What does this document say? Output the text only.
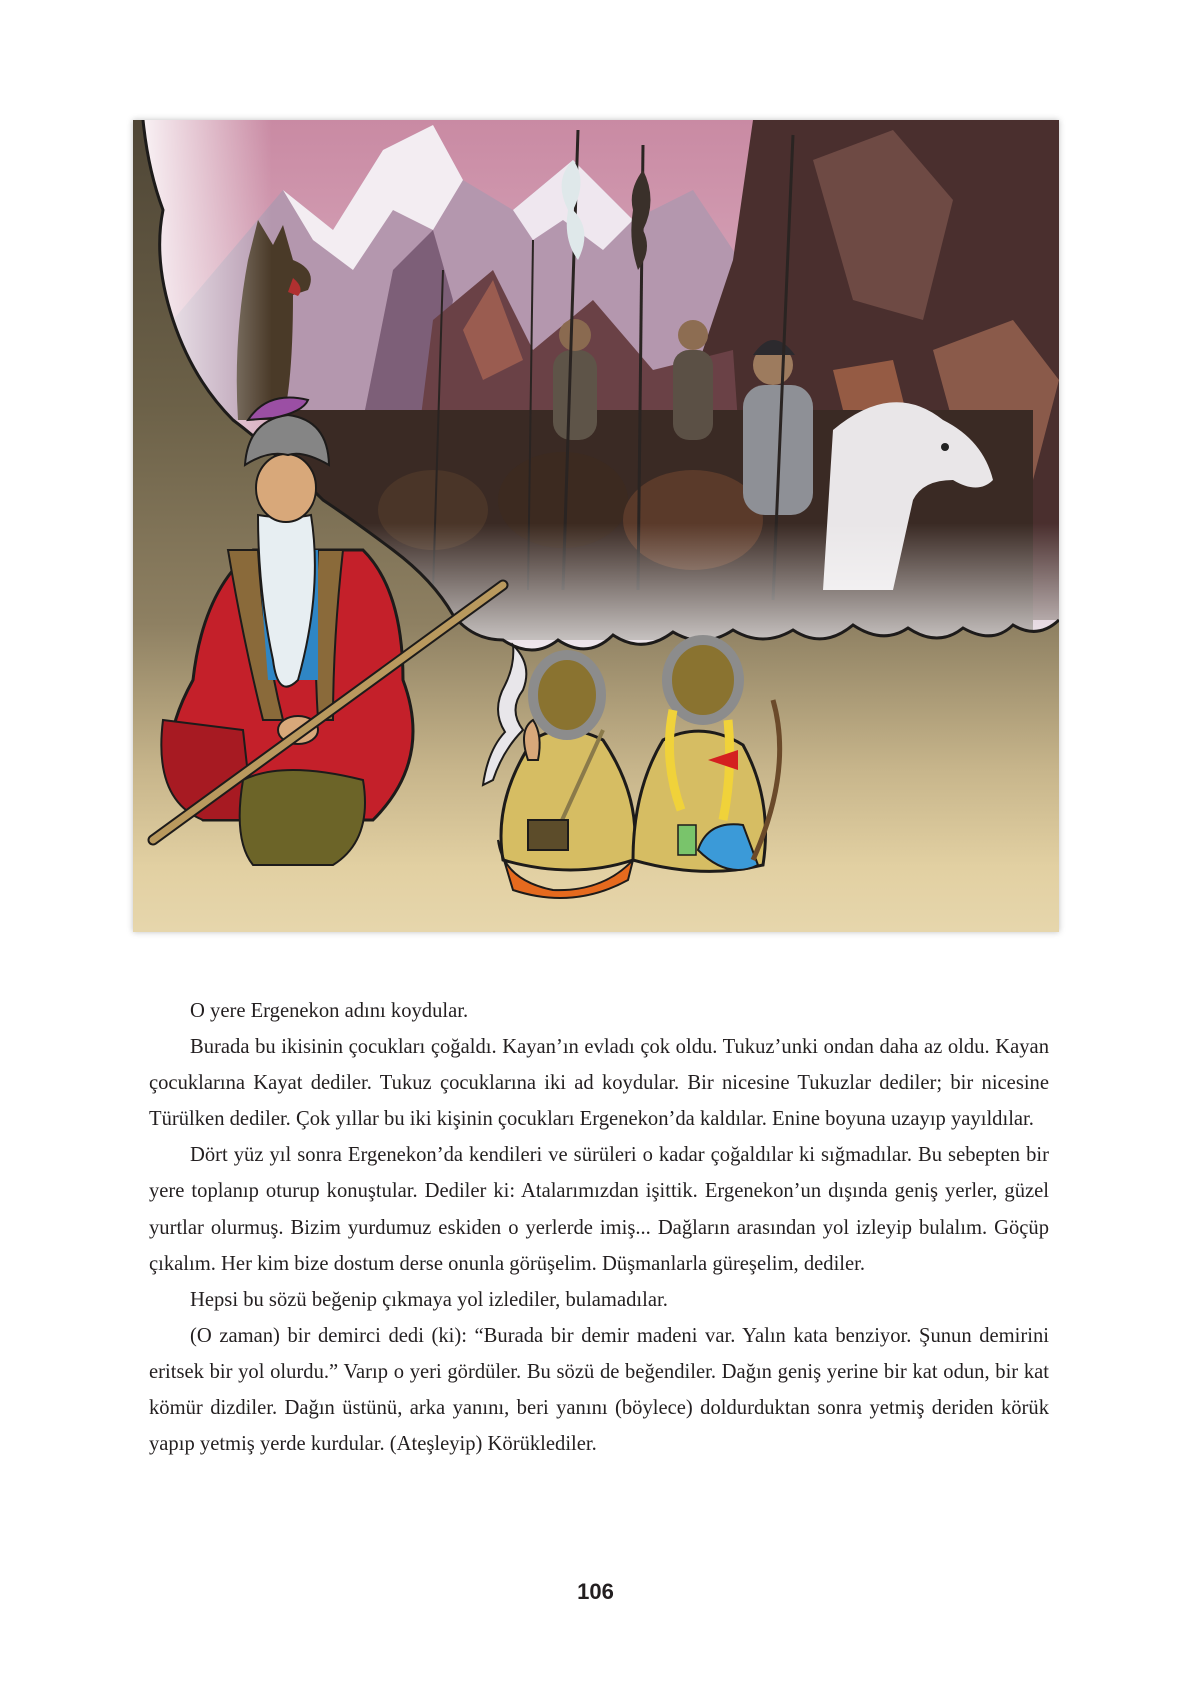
O yere Ergenekon adını koydular.

Burada bu ikisinin çocukları çoğaldı. Kayan’ın evladı çok oldu. Tukuz’unki ondan daha az oldu. Kayan çocuklarına Kayat dediler. Tukuz çocuklarına iki ad koydular. Bir nicesine Tukuzlar dediler; bir nicesine Türülken dediler. Çok yıllar bu iki kişinin çocukları Ergenekon’da kaldılar. Enine boyuna uzayıp yayıldılar.

Dört yüz yıl sonra Ergenekon’da kendileri ve sürüleri o kadar çoğaldılar ki sığmadılar. Bu sebepten bir yere toplanıp oturup konuştular. Dediler ki: Atalarımızdan işittik. Ergenekon’un dışında geniş yerler, güzel yurtlar olurmuş. Bizim yurdumuz eskiden o yerlerde imiş... Dağların arasından yol izleyip bulalım. Göçüp çıkalım. Her kim bize dostum derse onunla görüşelim. Düşmanlarla güreşelim, dediler.

Hepsi bu sözü beğenip çıkmaya yol izlediler, bulamadılar.

(O zaman) bir demirci dedi (ki): “Burada bir demir madeni var. Yalın kata benziyor. Şunun demirini eritsek bir yol olurdu.” Varıp o yeri gördüler. Bu sözü de beğendiler. Dağın geniş yerine bir kat odun, bir kat kömür dizdiler. Dağın üstünü, arka yanını, beri yanını (böylece) doldurduktan sonra yetmiş deriden körük yapıp yetmiş yerde kurdular. (Ateşleyip) Körüklediler.

106
